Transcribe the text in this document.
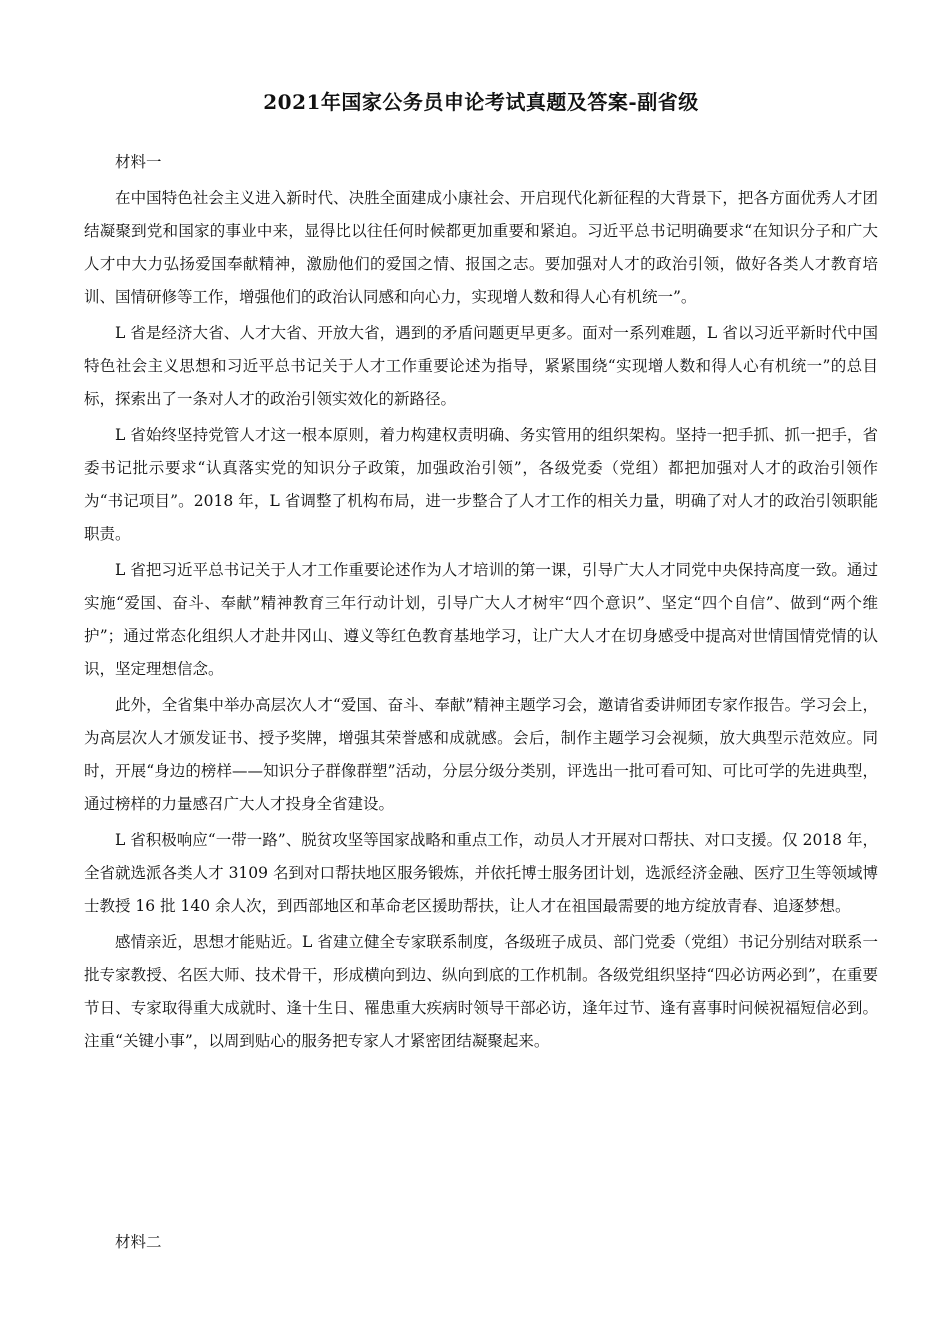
2021年国家公务员申论考试真题及答案-副省级

材料一

在中国特色社会主义进入新时代、决胜全面建成小康社会、开启现代化新征程的大背景下，把各方面优秀人才团结凝聚到党和国家的事业中来，显得比以往任何时候都更加重要和紧迫。习近平总书记明确要求“在知识分子和广大人才中大力弘扬爱国奉献精神，激励他们的爱国之情、报国之志。要加强对人才的政治引领，做好各类人才教育培训、国情研修等工作，增强他们的政治认同感和向心力，实现增人数和得人心有机统一”。

L 省是经济大省、人才大省、开放大省，遇到的矛盾问题更早更多。面对一系列难题，L 省以习近平新时代中国特色社会主义思想和习近平总书记关于人才工作重要论述为指导，紧紧围绕“实现增人数和得人心有机统一”的总目标，探索出了一条对人才的政治引领实效化的新路径。

L 省始终坚持党管人才这一根本原则，着力构建权责明确、务实管用的组织架构。坚持一把手抓、抓一把手，省委书记批示要求“认真落实党的知识分子政策，加强政治引领”，各级党委（党组）都把加强对人才的政治引领作为“书记项目”。2018 年，L 省调整了机构布局，进一步整合了人才工作的相关力量，明确了对人才的政治引领职能职责。

L 省把习近平总书记关于人才工作重要论述作为人才培训的第一课，引导广大人才同党中央保持高度一致。通过实施“爱国、奋斗、奉献”精神教育三年行动计划，引导广大人才树牢“四个意识”、坚定“四个自信”、做到“两个维护”；通过常态化组织人才赴井冈山、遵义等红色教育基地学习，让广大人才在切身感受中提高对世情国情党情的认识，坚定理想信念。

此外，全省集中举办高层次人才“爱国、奋斗、奉献”精神主题学习会，邀请省委讲师团专家作报告。学习会上，为高层次人才颁发证书、授予奖牌，增强其荣誉感和成就感。会后，制作主题学习会视频，放大典型示范效应。同时，开展“身边的榜样——知识分子群像群塑”活动，分层分级分类别，评选出一批可看可知、可比可学的先进典型，通过榜样的力量感召广大人才投身全省建设。

L 省积极响应“一带一路”、脱贫攻坚等国家战略和重点工作，动员人才开展对口帮扶、对口支援。仅 2018 年，全省就选派各类人才 3109 名到对口帮扶地区服务锻炼，并依托博士服务团计划，选派经济金融、医疗卫生等领域博士教授 16 批 140 余人次，到西部地区和革命老区援助帮扶，让人才在祖国最需要的地方绽放青春、追逐梦想。

感情亲近，思想才能贴近。L 省建立健全专家联系制度，各级班子成员、部门党委（党组）书记分别结对联系一批专家教授、名医大师、技术骨干，形成横向到边、纵向到底的工作机制。各级党组织坚持“四必访两必到”，在重要节日、专家取得重大成就时、逢十生日、罹患重大疾病时领导干部必访，逢年过节、逢有喜事时问候祝福短信必到。注重“关键小事”，以周到贴心的服务把专家人才紧密团结凝聚起来。

材料二
